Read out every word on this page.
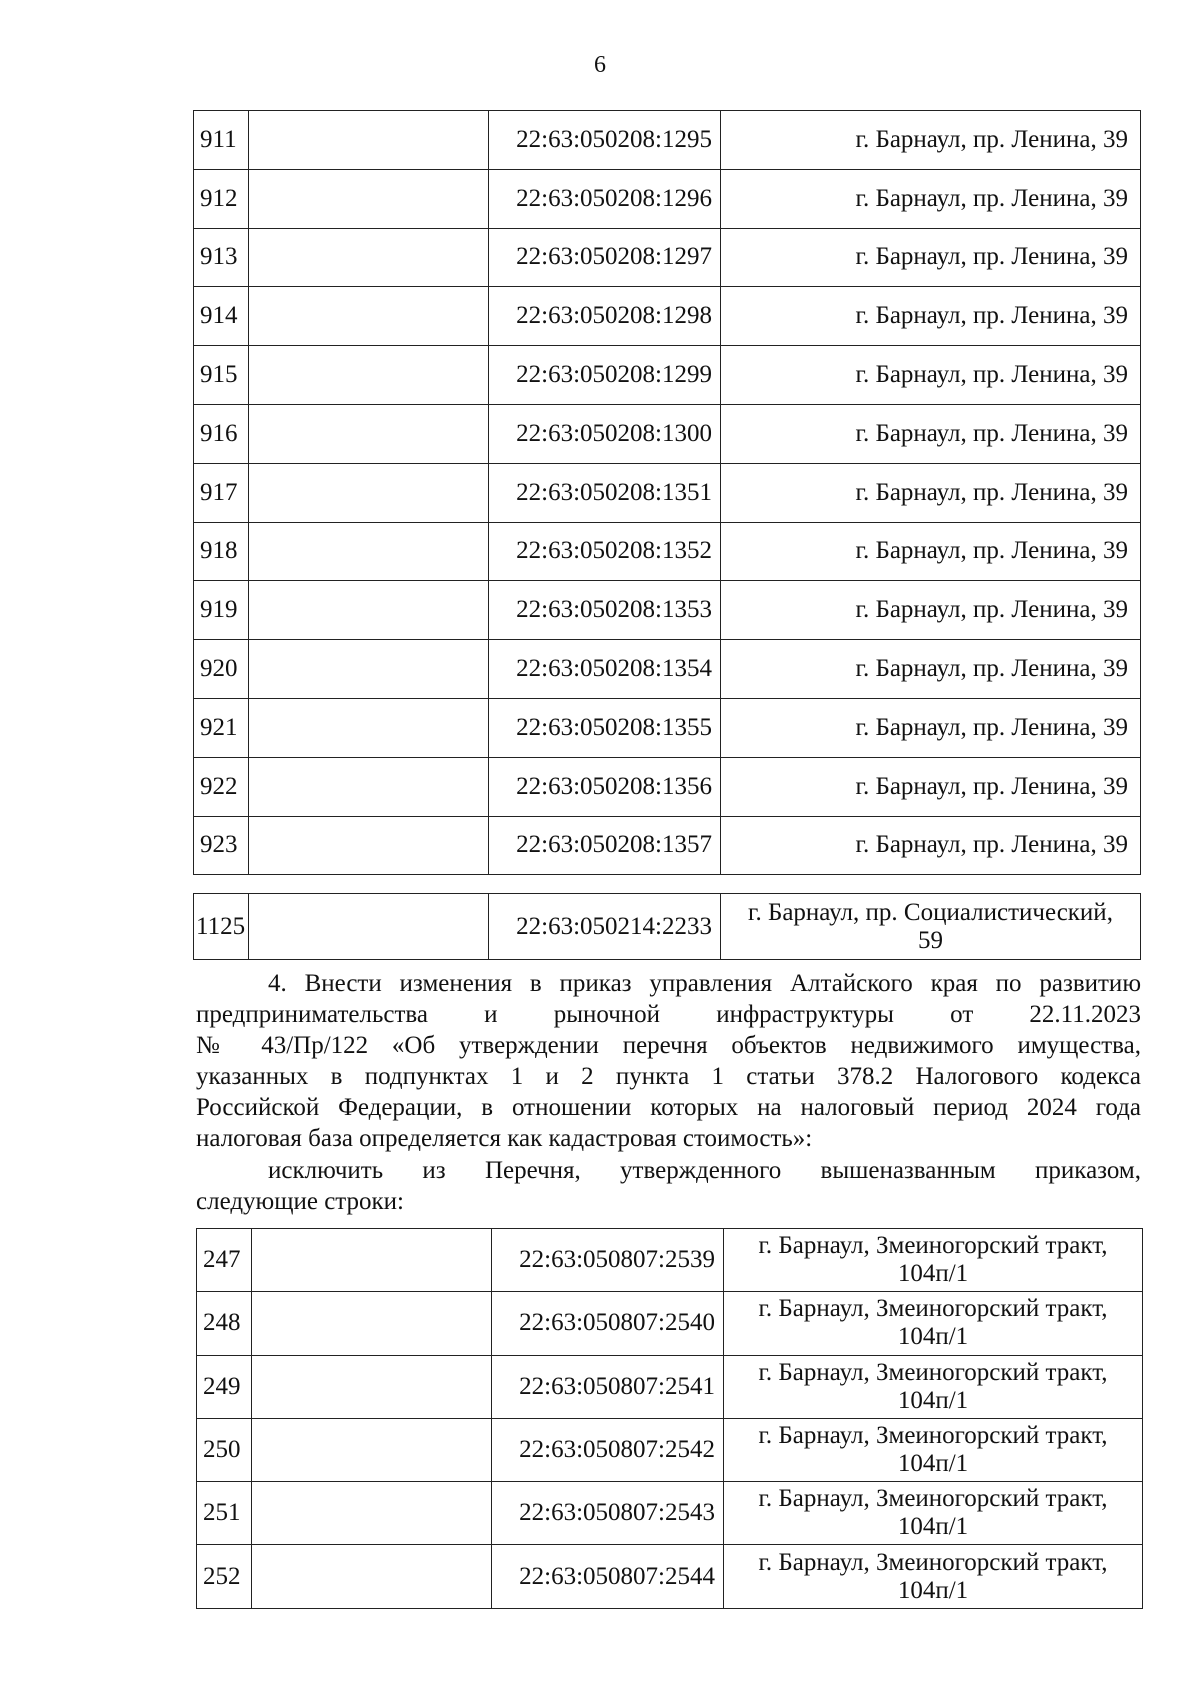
6
911		22:63:050208:1295	г. Барнаул, пр. Ленина, 39
912		22:63:050208:1296	г. Барнаул, пр. Ленина, 39
913		22:63:050208:1297	г. Барнаул, пр. Ленина, 39
914		22:63:050208:1298	г. Барнаул, пр. Ленина, 39
915		22:63:050208:1299	г. Барнаул, пр. Ленина, 39
916		22:63:050208:1300	г. Барнаул, пр. Ленина, 39
917		22:63:050208:1351	г. Барнаул, пр. Ленина, 39
918		22:63:050208:1352	г. Барнаул, пр. Ленина, 39
919		22:63:050208:1353	г. Барнаул, пр. Ленина, 39
920		22:63:050208:1354	г. Барнаул, пр. Ленина, 39
921		22:63:050208:1355	г. Барнаул, пр. Ленина, 39
922		22:63:050208:1356	г. Барнаул, пр. Ленина, 39
923		22:63:050208:1357	г. Барнаул, пр. Ленина, 39
1125		22:63:050214:2233	
г. Барнаул, пр. Социалистический,
59
4. Внести изменения в приказ управления Алтайского края по развитию
предпринимательства и рыночной инфраструктуры от 22.11.2023
№ 43/Пр/122 «Об утверждении перечня объектов недвижимого имущества,
указанных в подпунктах 1 и 2 пункта 1 статьи 378.2 Налогового кодекса
Российской Федерации, в отношении которых на налоговый период 2024 года
налоговая база определяется как кадастровая стоимость»:
исключить из Перечня, утвержденного вышеназванным приказом,
следующие строки:
247		22:63:050807:2539	г. Барнаул, Змеиногорский тракт,
104п/1

248		22:63:050807:2540	г. Барнаул, Змеиногорский тракт,
104п/1

249		22:63:050807:2541	г. Барнаул, Змеиногорский тракт,
104п/1

250		22:63:050807:2542	г. Барнаул, Змеиногорский тракт,
104п/1

251		22:63:050807:2543	г. Барнаул, Змеиногорский тракт,
104п/1

252		22:63:050807:2544	г. Барнаул, Змеиногорский тракт,
104п/1
